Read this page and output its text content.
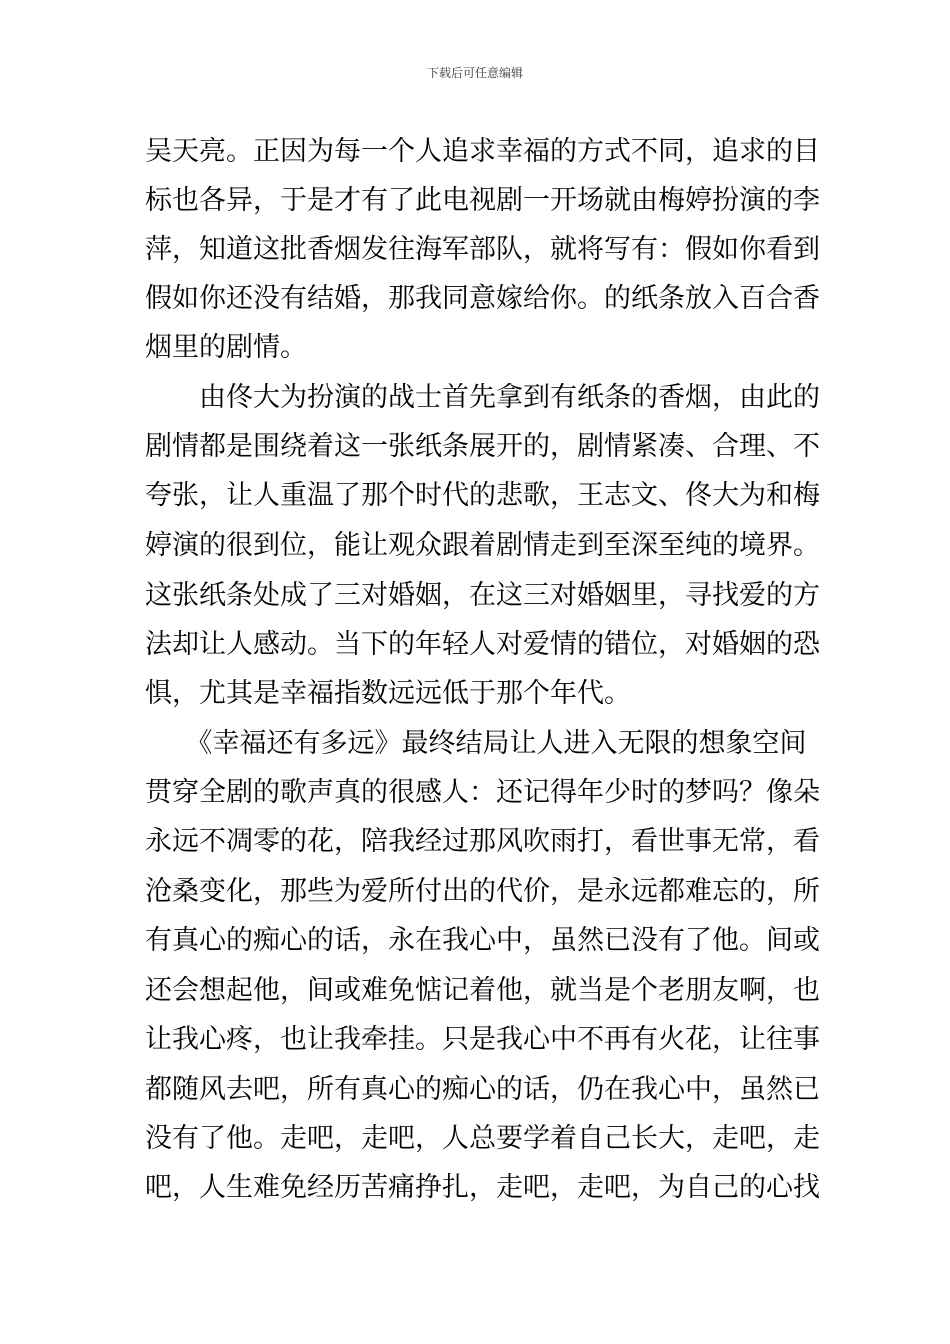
下载后可任意编辑
吴天亮。正因为每一个人追求幸福的方式不同，追求的目
标也各异，于是才有了此电视剧一开场就由梅婷扮演的李
萍，知道这批香烟发往海军部队，就将写有：假如你看到
假如你还没有结婚，那我同意嫁给你。的纸条放入百合香
烟里的剧情。
　　由佟大为扮演的战士首先拿到有纸条的香烟，由此的
剧情都是围绕着这一张纸条展开的，剧情紧凑、合理、不
夸张，让人重温了那个时代的悲歌，王志文、佟大为和梅
婷演的很到位，能让观众跟着剧情走到至深至纯的境界。
这张纸条处成了三对婚姻，在这三对婚姻里，寻找爱的方
法却让人感动。当下的年轻人对爱情的错位，对婚姻的恐
惧，尤其是幸福指数远远低于那个年代。
　　《幸福还有多远》最终结局让人进入无限的想象空间
贯穿全剧的歌声真的很感人：还记得年少时的梦吗？像朵
永远不凋零的花，陪我经过那风吹雨打，看世事无常，看
沧桑变化，那些为爱所付出的代价，是永远都难忘的，所
有真心的痴心的话，永在我心中，虽然已没有了他。间或
还会想起他，间或难免惦记着他，就当是个老朋友啊，也
让我心疼，也让我牵挂。只是我心中不再有火花，让往事
都随风去吧，所有真心的痴心的话，仍在我心中，虽然已
没有了他。走吧，走吧，人总要学着自己长大，走吧，走
吧，人生难免经历苦痛挣扎，走吧，走吧，为自己的心找
